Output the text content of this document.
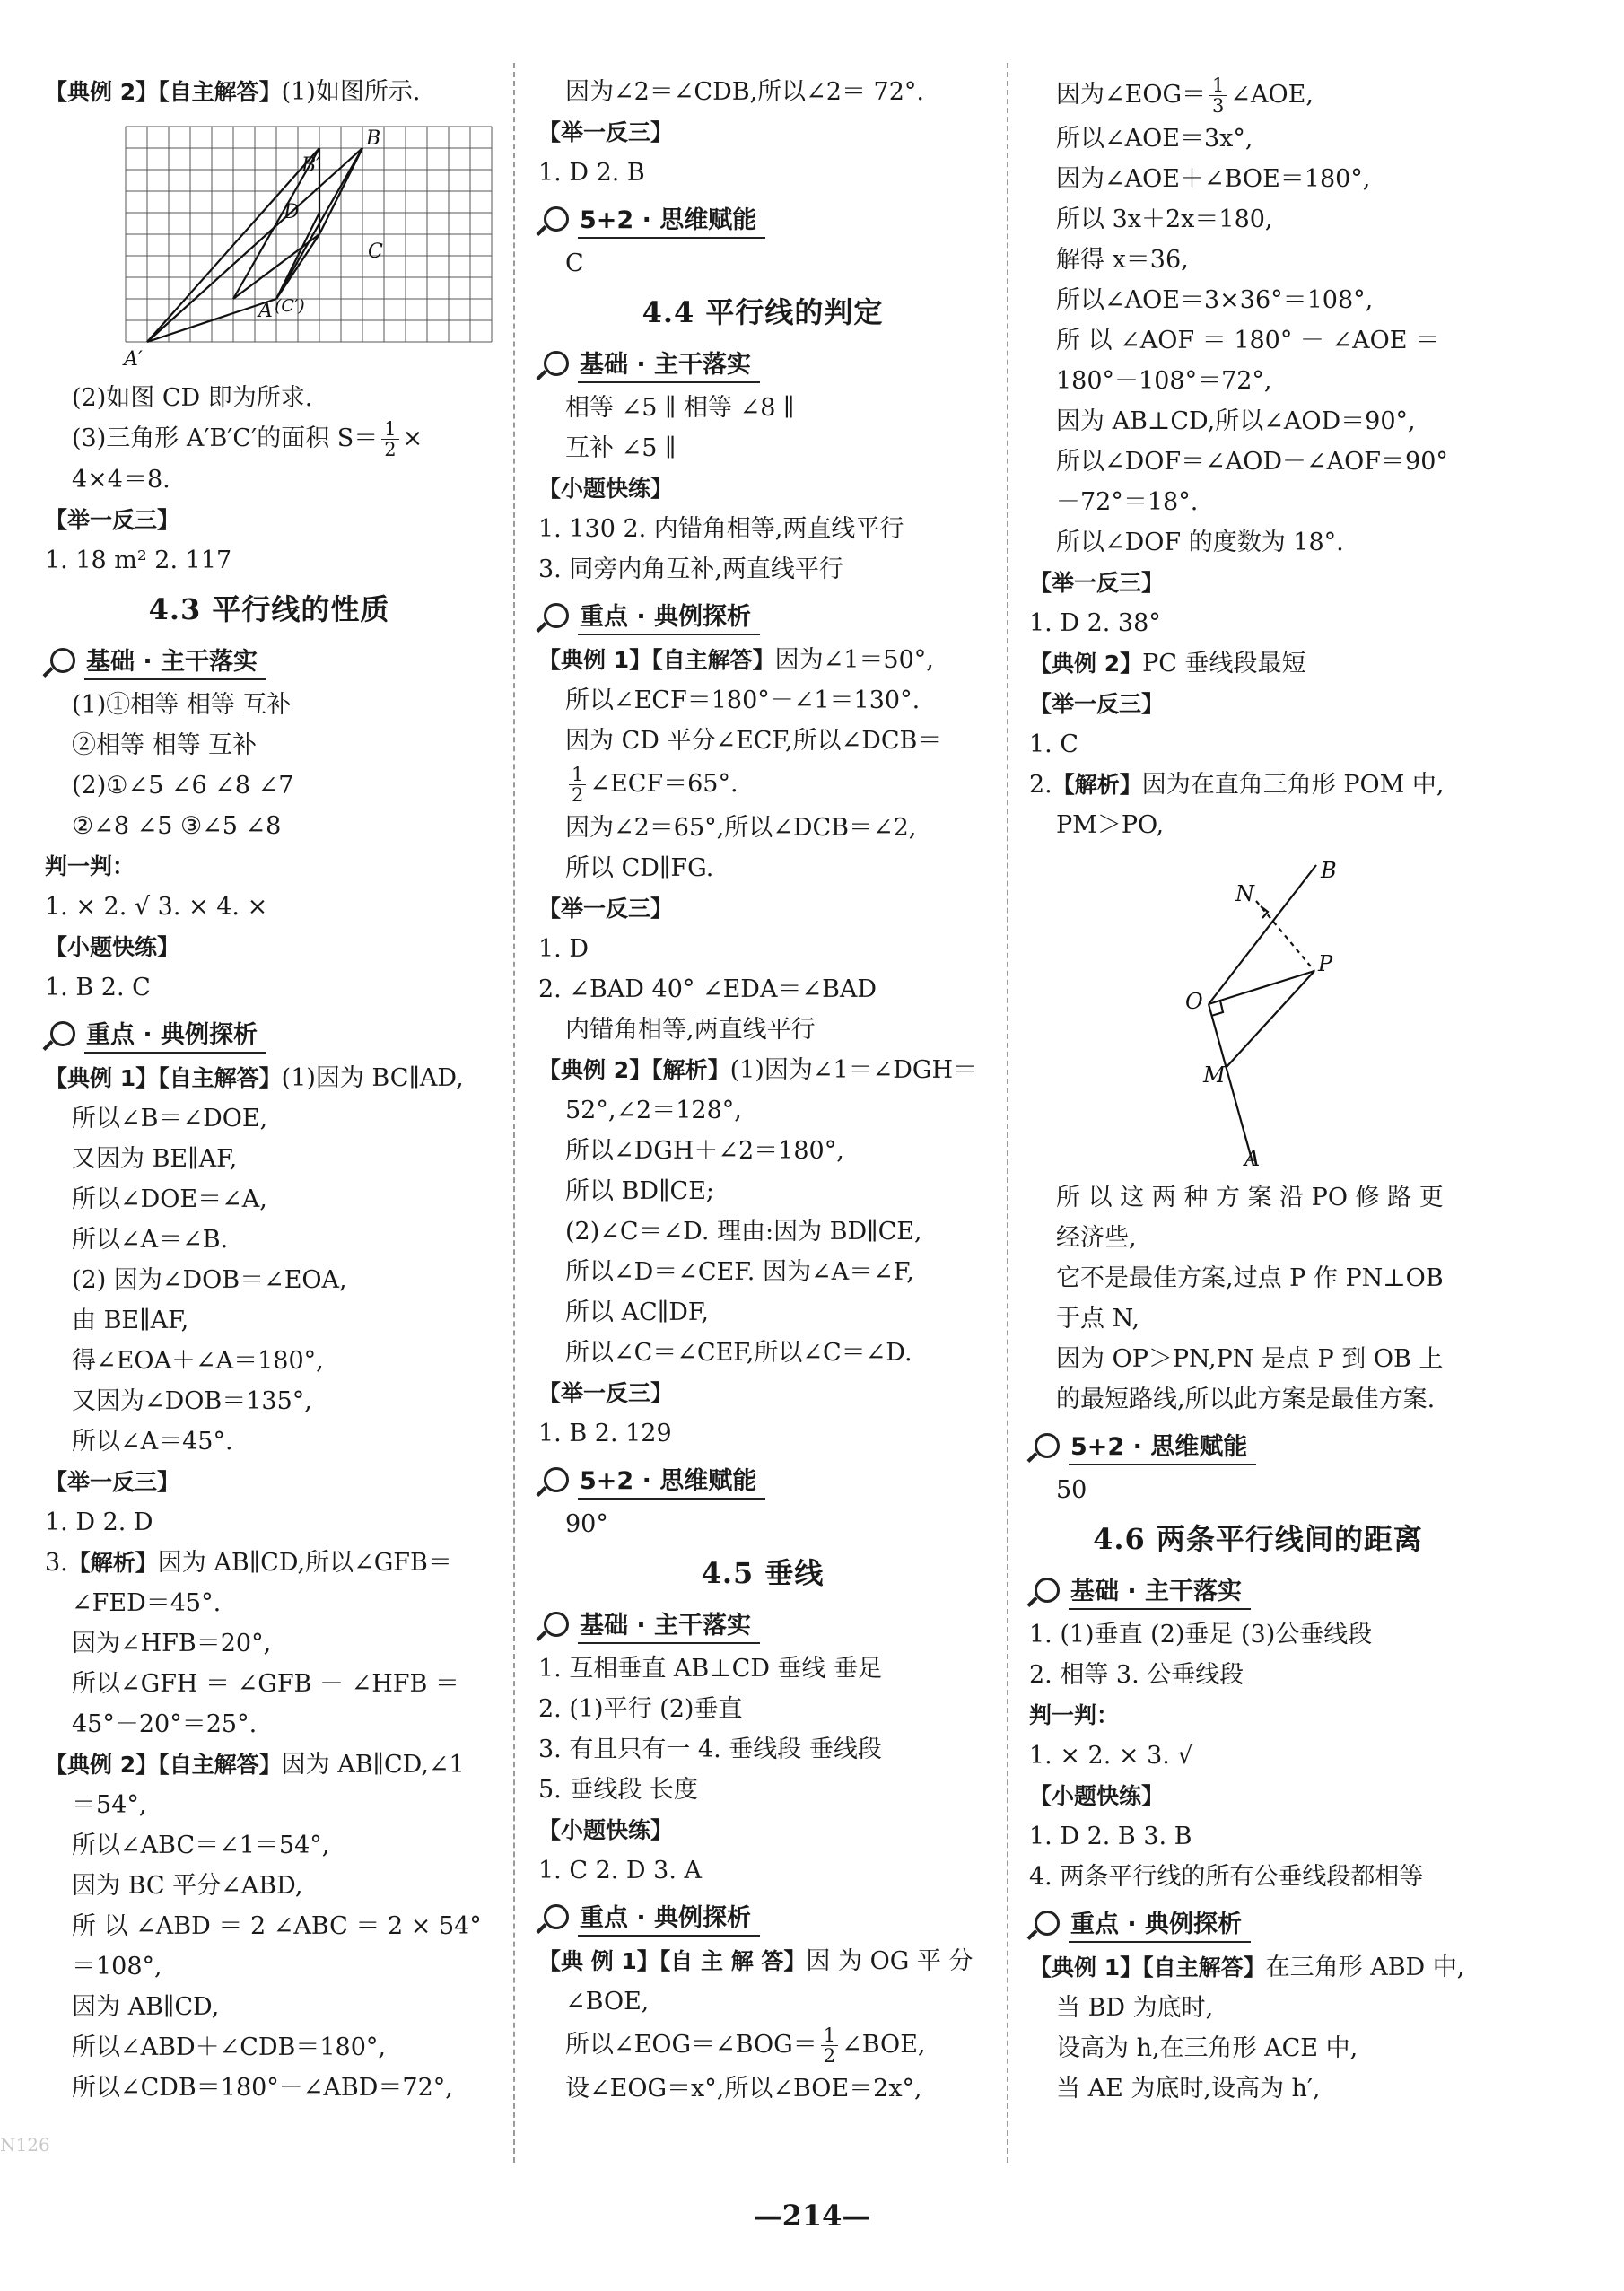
【典例 2】【自主解答】(1)如图所示.
B
B′
D
C
A (C′)
A′
(2)如图 CD 即为所求.
(3)三角形 A′B′C′的面积 $S= \frac{1}{2}$ ×
4×4＝8.
【举一反三】
1. 18 m² 2. 117
4.3 平行线的性质
基础 · 主干落实
(1)①相等 相等 互补
②相等 相等 互补
(2)①∠5 ∠6 ∠8 ∠7
②∠8 ∠5 ③∠5 ∠8
判一判：
1. × 2. √ 3. × 4. ×
【小题快练】
1. B 2. C
重点 · 典例探析
【典例 1】【自主解答】(1)因为 BC∥AD,
所以∠B＝∠DOE,
又因为 BE∥AF,
所以∠DOE＝∠A,
所以∠A＝∠B.
(2) 因为∠DOB＝∠EOA,
由 BE∥AF,
得∠EOA＋∠A＝180°,
又因为∠DOB＝135°,
所以∠A＝45°.
【举一反三】
1. D 2. D
3.【解析】因为 AB∥CD,所以∠GFB＝
∠FED＝45°.
因为∠HFB＝20°,
所以∠GFH ＝ ∠GFB － ∠HFB ＝
45°－20°＝25°.
【典例 2】【自主解答】因为 AB∥CD,∠1
＝54°,
所以∠ABC＝∠1＝54°,
因为 BC 平分∠ABD,
所 以 ∠ABD ＝ 2 ∠ABC ＝ 2 × 54°
＝108°,
因为 AB∥CD,
所以∠ABD＋∠CDB＝180°,
所以∠CDB＝180°－∠ABD＝72°,
因为∠2＝∠CDB,所以∠2＝ 72°.
【举一反三】
1. D 2. B
5+2 · 思维赋能
C
4.4 平行线的判定
基础 · 主干落实
相等 ∠5 ∥ 相等 ∠8 ∥
互补 ∠5 ∥
【小题快练】
1. 130 2. 内错角相等,两直线平行
3. 同旁内角互补,两直线平行
重点 · 典例探析
【典例 1】【自主解答】因为∠1＝50°,
所以∠ECF＝180°－∠1＝130°.
因为 CD 平分∠ECF,所以∠DCB＝
$\frac{1}{2}$ ∠ECF＝65°.
因为∠2＝65°,所以∠DCB＝∠2,
所以 CD∥FG.
【举一反三】
1. D
2. ∠BAD 40° ∠EDA＝∠BAD
内错角相等,两直线平行
【典例 2】【解析】(1)因为∠1＝∠DGH＝
52°,∠2＝128°,
所以∠DGH＋∠2＝180°,
所以 BD∥CE;
(2)∠C＝∠D. 理由:因为 BD∥CE,
所以∠D＝∠CEF. 因为∠A＝∠F,
所以 AC∥DF,
所以∠C＝∠CEF,所以∠C＝∠D.
【举一反三】
1. B 2. 129
5+2 · 思维赋能
90°
4.5 垂线
基础 · 主干落实
1. 互相垂直 AB⊥CD 垂线 垂足
2. (1)平行 (2)垂直
3. 有且只有一 4. 垂线段 垂线段
5. 垂线段 长度
【小题快练】
1. C 2. D 3. A
重点 · 典例探析
【典 例 1】【自 主 解 答】因 为 OG 平 分
∠BOE,
所以∠EOG＝∠BOG＝ $\frac{1}{2}$ ∠BOE,
设∠EOG＝x°,所以∠BOE＝2x°,
因为∠EOG＝ $\frac{1}{3}$ ∠AOE,
所以∠AOE＝3x°,
因为∠AOE＋∠BOE＝180°,
所以 3x＋2x＝180,
解得 x＝36,
所以∠AOE＝3×36°＝108°,
所 以 ∠AOF ＝ 180° － ∠AOE ＝
180°－108°＝72°,
因为 AB⊥CD,所以∠AOD＝90°,
所以∠DOF＝∠AOD－∠AOF＝90°
－72°＝18°.
所以∠DOF 的度数为 18°.
【举一反三】
1. D 2. 38°
【典例 2】PC 垂线段最短
【举一反三】
1. C
2.【解析】因为在直角三角形 POM 中,
PM＞PO,
N
B
P
O
M
A
所 以 这 两 种 方 案 沿 PO 修 路 更
经济些,
它不是最佳方案,过点 P 作 PN⊥OB
于点 N,
因为 OP＞PN,PN 是点 P 到 OB 上
的最短路线,所以此方案是最佳方案.
5+2 · 思维赋能
50
4.6 两条平行线间的距离
基础 · 主干落实
1. (1)垂直 (2)垂足 (3)公垂线段
2. 相等 3. 公垂线段
判一判：
1. × 2. × 3. √
【小题快练】
1. D 2. B 3. B
4. 两条平行线的所有公垂线段都相等
重点 · 典例探析
【典例 1】【自主解答】在三角形 ABD 中,
当 BD 为底时,
设高为 h,在三角形 ACE 中,
当 AE 为底时,设高为 h′,
N126
—214—
